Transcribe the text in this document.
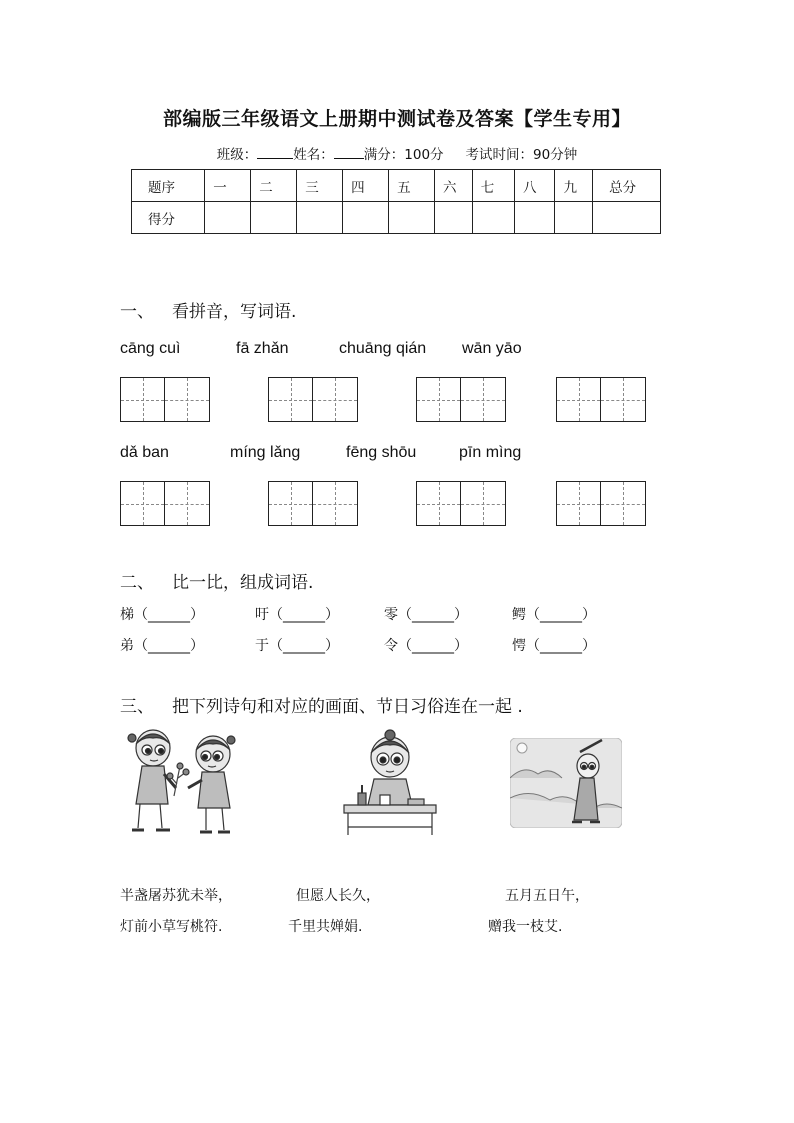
部编版三年级语文上册期中测试卷及答案【学生专用】
班级：	姓名： 满分：100分 考试时间：90分钟
题序	一	二	三	四	五	六	七	八	九	总分
得分										
一、 看拼音，写词语.
cāng cuì	fā zhǎn	chuāng qián wān yāo
dǎ ban	míng lǎng	fēng shōu	pīn mìng
二、 比一比，组成词语.
梯（______）	吁（______）	零（______）	鳄（______）
弟（______）	于（______）	令（______）	愕（______）
三、 把下列诗句和对应的画面、节日习俗连在一起 .
半盏屠苏犹未举，
灯前小草写桃符.
但愿人长久，
千里共婵娟.
五月五日午，
赠我一枝艾.
